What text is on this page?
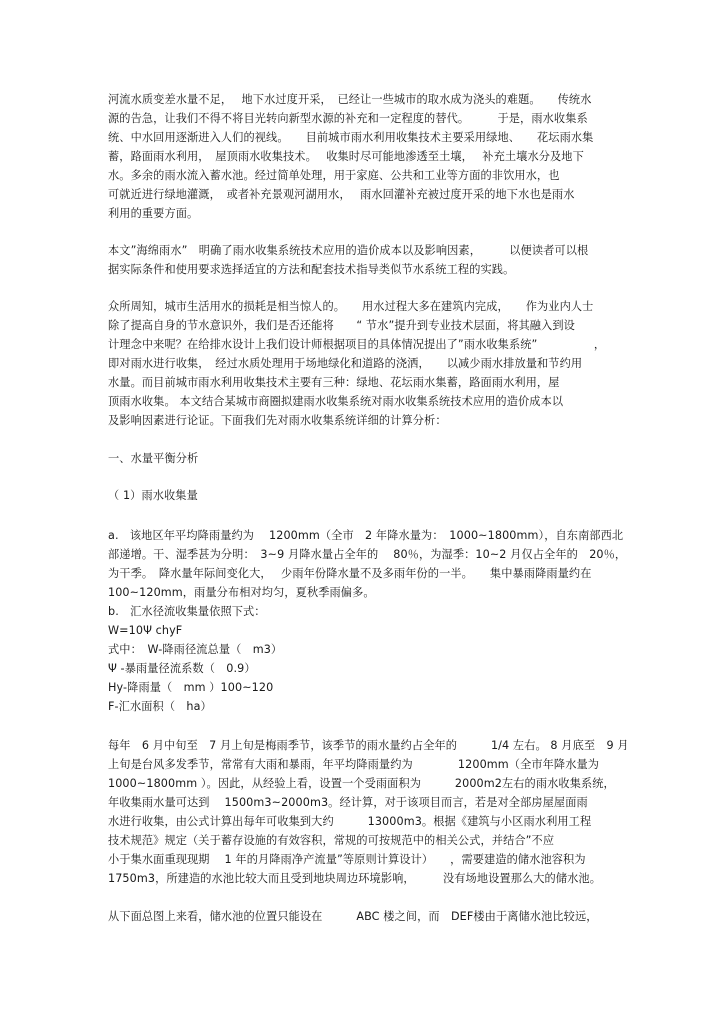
河流水质变差水量不足，　 地下水过度开采，　已经让一些城市的取水成为浇头的难题。　　传统水
源的告急，让我们不得不将目光转向新型水源的补充和一定程度的替代。　　　于是，雨水收集系
统、中水回用逐渐进入人们的视线。　　目前城市雨水利用收集技术主要采用绿地、　　花坛雨水集
蓄，路面雨水利用，　屋顶雨水收集技术。　 收集时尽可能地渗透至土壤，　 补充土壤水分及地下
水。多余的雨水流入蓄水池。经过简单处理，用于家庭、公共和工业等方面的非饮用水，也
可就近进行绿地灌溉，　或者补充景观河湖用水，　 雨水回灌补充被过度开采的地下水也是雨水
利用的重要方面。
本文”海绵雨水”　明确了雨水收集系统技术应用的造价成本以及影响因素，　　　以便读者可以根
据实际条件和使用要求选择适宜的方法和配套技术指导类似节水系统工程的实践。
众所周知，城市生活用水的损耗是相当惊人的。　　用水过程大多在建筑内完成，　　作为业内人士
除了提高自身的节水意识外，我们是否还能将　　“ 节水”提升到专业技术层面，将其融入到设
计理念中来呢？在给排水设计上我们设计师根据项目的具体情况提出了”雨水收集系统”　　　　　，
即对雨水进行收集，　经过水质处理用于场地绿化和道路的浇洒，　　以减少雨水排放量和节约用
水量。而目前城市雨水利用收集技术主要有三种：绿地、花坛雨水集蓄，路面雨水利用，屋
顶雨水收集。 本文结合某城市商圈拟建雨水收集系统对雨水收集系统技术应用的造价成本以
及影响因素进行论证。下面我们先对雨水收集系统详细的计算分析：
一、水量平衡分析
（ 1）雨水收集量
a.　该地区年平均降雨量约为　 1200mm（全市　2 年降水量为：　1000~1800mm），自东南部西北
部递增。干、湿季甚为分明：　3~9 月降水量占全年的　 80％，为湿季：10~2 月仅占全年的　20％，
为干季。　降水量年际间变化大，　 少雨年份降水量不及多雨年份的一半。　　集中暴雨降雨量约在
100~120mm，雨量分布相对均匀，夏秋季雨偏多。
b.　汇水径流收集量依照下式：
W=10Ψ chyF
式中：　W-降雨径流总量（　m3）
Ψ -暴雨量径流系数（　0.9）
Hy-降雨量（　mm ）100~120
F-汇水面积（　ha）
每年　6 月中旬至　7 月上旬是梅雨季节，该季节的雨水量约占全年的　　　1/4 左右。 8 月底至　9 月
上旬是台风多发季节，常常有大雨和暴雨，年平均降雨量约为　　　　1200mm（全市年降水量为
1000~1800mm ）。因此，从经验上看，设置一个受雨面积为　　　2000m2左右的雨水收集系统，
年收集雨水量可达到　 1500m3~2000m3。经计算，对于该项目而言，若是对全部房屋屋面雨
水进行收集，由公式计算出每年可收集到大约　　　13000m3。根据《建筑与小区雨水利用工程
技术规范》规定（关于蓄存设施的有效容积，常规的可按规范中的相关公式，并结合”不应
小于集水面重现现期　 1 年的月降雨净产流量”等原则计算设计）　　，需要建造的储水池容积为
1750m3，所建造的水池比较大而且受到地块周边环境影响，　　　没有场地设置那么大的储水池。
从下面总图上来看，储水池的位置只能设在　　　ABC 楼之间，而　DEF楼由于离储水池比较远，
